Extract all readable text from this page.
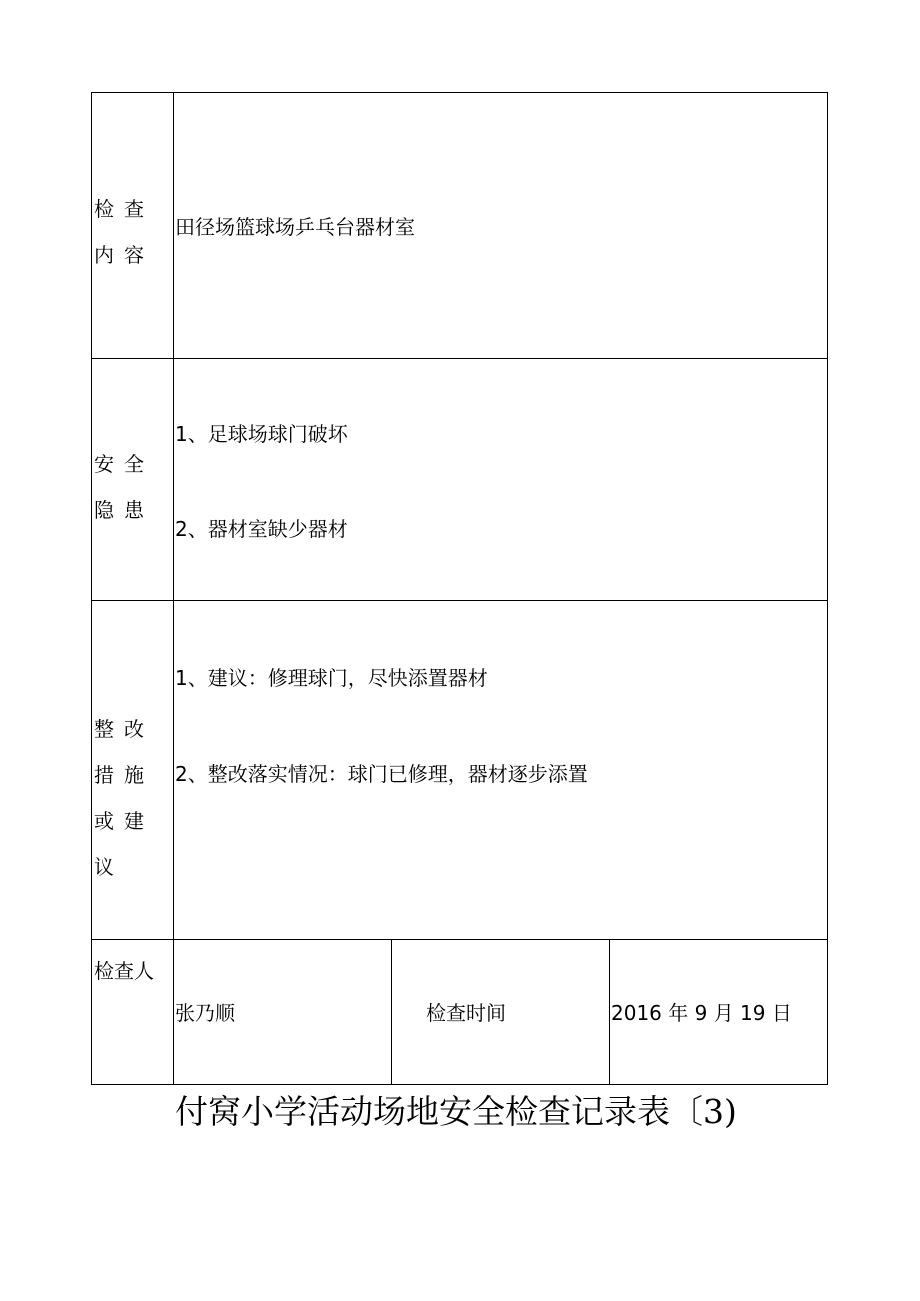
检查内容
田径场篮球场乒乓台器材室
安全隐患
1、足球场球门破坏
2、器材室缺少器材
整改措施或建议
1、建议：修理球门，尽快添置器材
2、整改落实情况：球门已修理，器材逐步添置
检查人
张乃顺	检查时间	2016 年 9 月 19 日
付窝小学活动场地安全检查记录表〔3)
